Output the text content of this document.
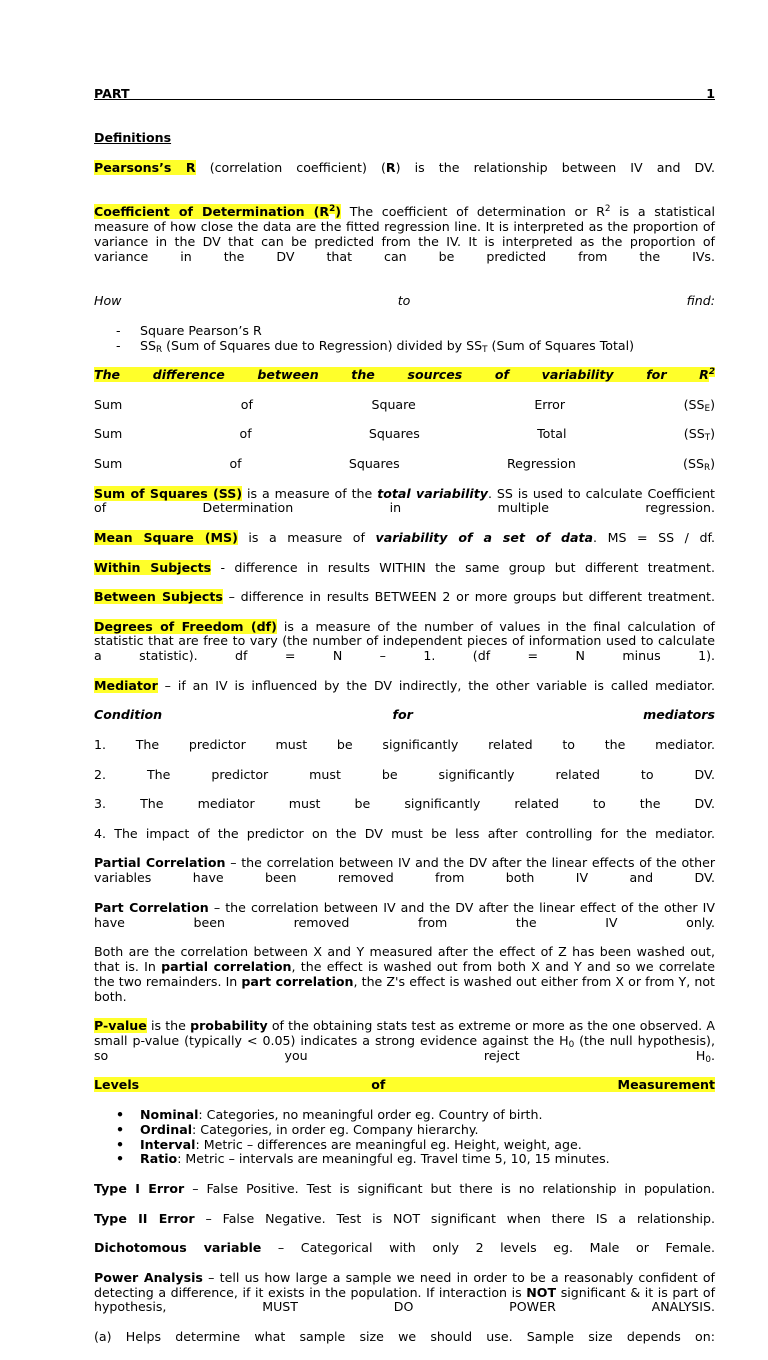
PART 1

Definitions

Pearsons’s R (correlation coefficient) (R) is the relationship between IV and DV.

Coefficient of Determination $(R^2)$ The coefficient of determination or $R^2$ is a statistical measure of how close the data are the fitted regression line. It is interpreted as the proportion of variance in the DV that can be predicted from the IV. It is interpreted as the proportion of variance in the DV that can be predicted from the IVs.

How to find:

- Square Pearson’s R
- $SS_R$ (Sum of Squares due to Regression) divided by $SS_T$ (Sum of Squares Total)

The difference between the sources of variability for $R^2$

Sum of Square Error $(SS_E)$

Sum of Squares Total $(SS_T)$

Sum of Squares Regression $(SS_R)$

Sum of Squares (SS) is a measure of the total variability. SS is used to calculate Coefficient of Determination in multiple regression.

Mean Square (MS) is a measure of variability of a set of data. MS = SS / df.

Within Subjects - difference in results WITHIN the same group but different treatment.

Between Subjects – difference in results BETWEEN 2 or more groups but different treatment.

Degrees of Freedom (df) is a measure of the number of values in the final calculation of statistic that are free to vary (the number of independent pieces of information used to calculate a statistic). df = N – 1. (df = N minus 1).

Mediator – if an IV is influenced by the DV indirectly, the other variable is called mediator.

Condition for mediators

1. The predictor must be significantly related to the mediator.

2. The predictor must be significantly related to DV.

3. The mediator must be significantly related to the DV.

4. The impact of the predictor on the DV must be less after controlling for the mediator.

Partial Correlation – the correlation between IV and the DV after the linear effects of the other variables have been removed from both IV and DV.

Part Correlation – the correlation between IV and the DV after the linear effect of the other IV have been removed from the IV only.

Both are the correlation between X and Y measured after the effect of Z has been washed out, that is. In partial correlation, the effect is washed out from both X and Y and so we correlate the two remainders. In part correlation, the Z's effect is washed out either from X or from Y, not both.

P-value is the probability of the obtaining stats test as extreme or more as the one observed. A small p-value (typically < 0.05) indicates a strong evidence against the $H_0$ (the null hypothesis), so you reject $H_0$.

Levels of Measurement

• Nominal: Categories, no meaningful order eg. Country of birth.
• Ordinal: Categories, in order eg. Company hierarchy.
• Interval: Metric – differences are meaningful eg. Height, weight, age.
• Ratio: Metric – intervals are meaningful eg. Travel time 5, 10, 15 minutes.

Type I Error – False Positive. Test is significant but there is no relationship in population.

Type II Error – False Negative. Test is NOT significant when there IS a relationship.

Dichotomous variable – Categorical with only 2 levels eg. Male or Female.

Power Analysis – tell us how large a sample we need in order to be a reasonably confident of detecting a difference, if it exists in the population. If interaction is NOT significant & it is part of hypothesis, MUST DO POWER ANALYSIS.

(a) Helps determine what sample size we should use. Sample size depends on:
